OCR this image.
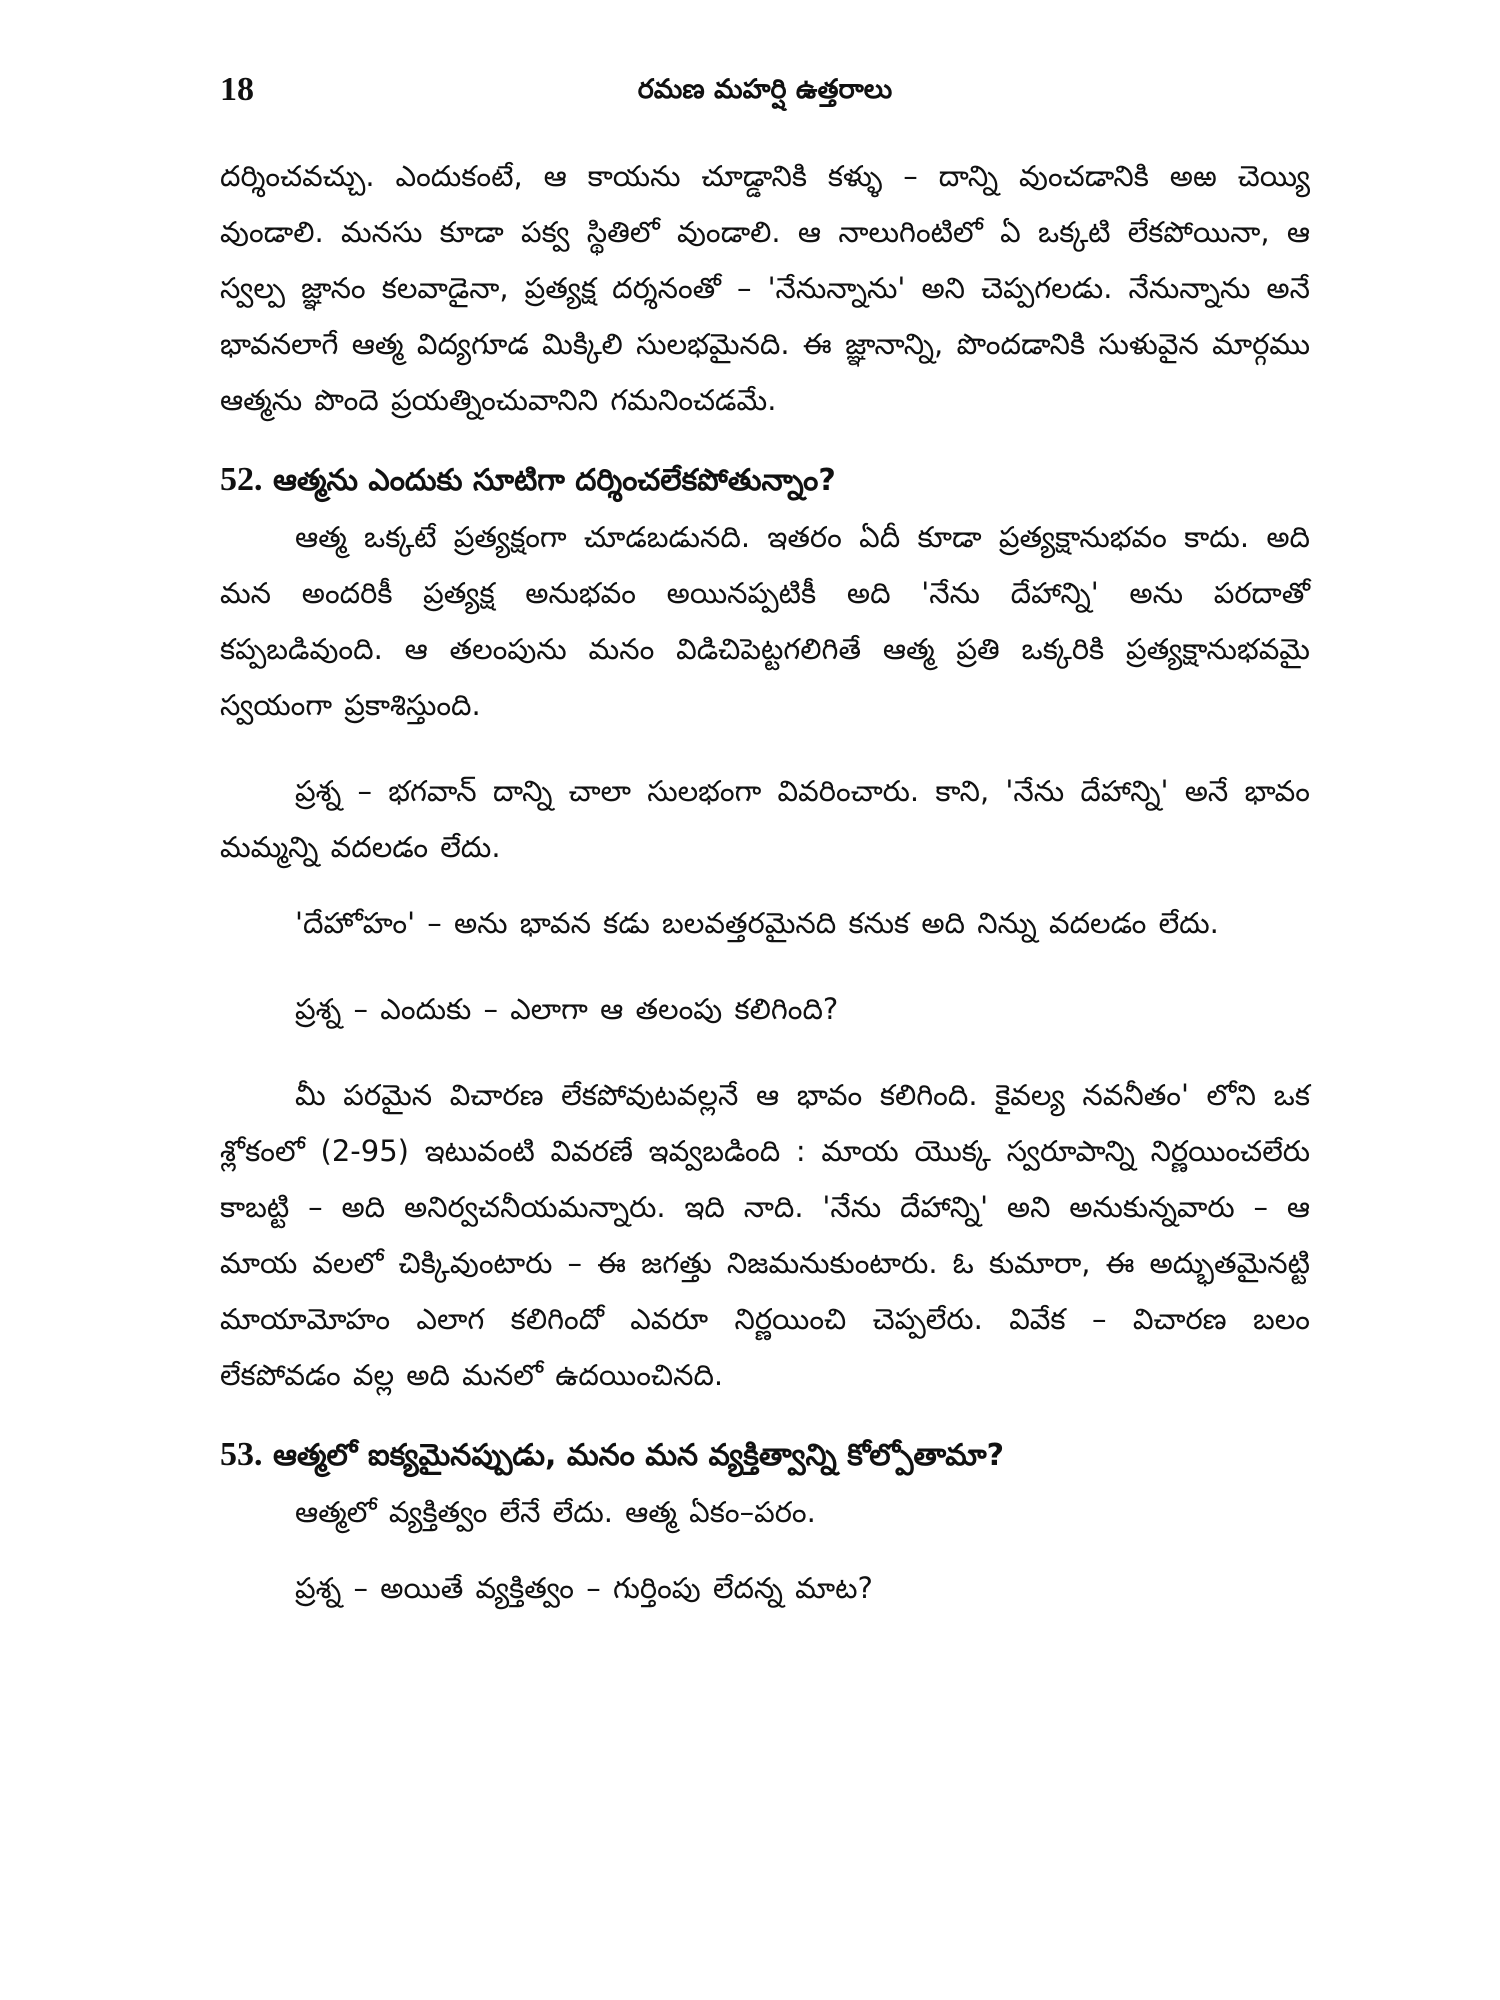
18	రమణ మహర్షి ఉత్తరాలు

దర్శించవచ్చు. ఎందుకంటే, ఆ కాయను చూడ్డానికి కళ్ళు – దాన్ని వుంచడానికి అఱ చెయ్యి వుండాలి. మనసు కూడా పక్వ స్థితిలో వుండాలి. ఆ నాలుగింటిలో ఏ ఒక్కటి లేకపోయినా, ఆ స్వల్ప జ్ఞానం కలవాడైనా, ప్రత్యక్ష దర్శనంతో – 'నేనున్నాను' అని చెప్పగలడు. నేనున్నాను అనే భావనలాగే ఆత్మ విద్యగూడ మిక్కిలి సులభమైనది. ఈ జ్ఞానాన్ని, పొందడానికి సుళువైన మార్గము ఆత్మను పొందె ప్రయత్నించువానిని గమనించడమే.

52. ఆత్మను ఎందుకు సూటిగా దర్శించలేకపోతున్నాం?

ఆత్మ ఒక్కటే ప్రత్యక్షంగా చూడబడునది. ఇతరం ఏదీ కూడా ప్రత్యక్షానుభవం కాదు. అది మన అందరికీ ప్రత్యక్ష అనుభవం అయినప్పటికీ అది 'నేను దేహాన్ని' అను పరదాతో కప్పబడివుంది. ఆ తలంపును మనం విడిచిపెట్టగలిగితే ఆత్మ ప్రతి ఒక్కరికి ప్రత్యక్షానుభవమై స్వయంగా ప్రకాశిస్తుంది.

ప్రశ్న – భగవాన్ దాన్ని చాలా సులభంగా వివరించారు. కాని, 'నేను దేహాన్ని' అనే భావం మమ్మన్ని వదలడం లేదు.

'దేహోహం' – అను భావన కడు బలవత్తరమైనది కనుక అది నిన్ను వదలడం లేదు.

ప్రశ్న – ఎందుకు – ఎలాగా ఆ తలంపు కలిగింది?

మీ పరమైన విచారణ లేకపోవుటవల్లనే ఆ భావం కలిగింది. కైవల్య నవనీతం' లోని ఒక శ్లోకంలో (2-95) ఇటువంటి వివరణే ఇవ్వబడింది : మాయ యొక్క స్వరూపాన్ని నిర్ణయించలేరు కాబట్టి – అది అనిర్వచనీయమన్నారు. ఇది నాది. 'నేను దేహాన్ని' అని అనుకున్నవారు – ఆ మాయ వలలో చిక్కివుంటారు – ఈ జగత్తు నిజమనుకుంటారు. ఓ కుమారా, ఈ అద్భుతమైనట్టి మాయామోహం ఎలాగ కలిగిందో ఎవరూ నిర్ణయించి చెప్పలేరు. వివేక – విచారణ బలం లేకపోవడం వల్ల అది మనలో ఉదయించినది.

53. ఆత్మలో ఐక్యమైనప్పుడు, మనం మన వ్యక్తిత్వాన్ని కోల్పోతామా?

ఆత్మలో వ్యక్తిత్వం లేనే లేదు. ఆత్మ ఏకం–పరం.

ప్రశ్న – అయితే వ్యక్తిత్వం – గుర్తింపు లేదన్న మాట?
